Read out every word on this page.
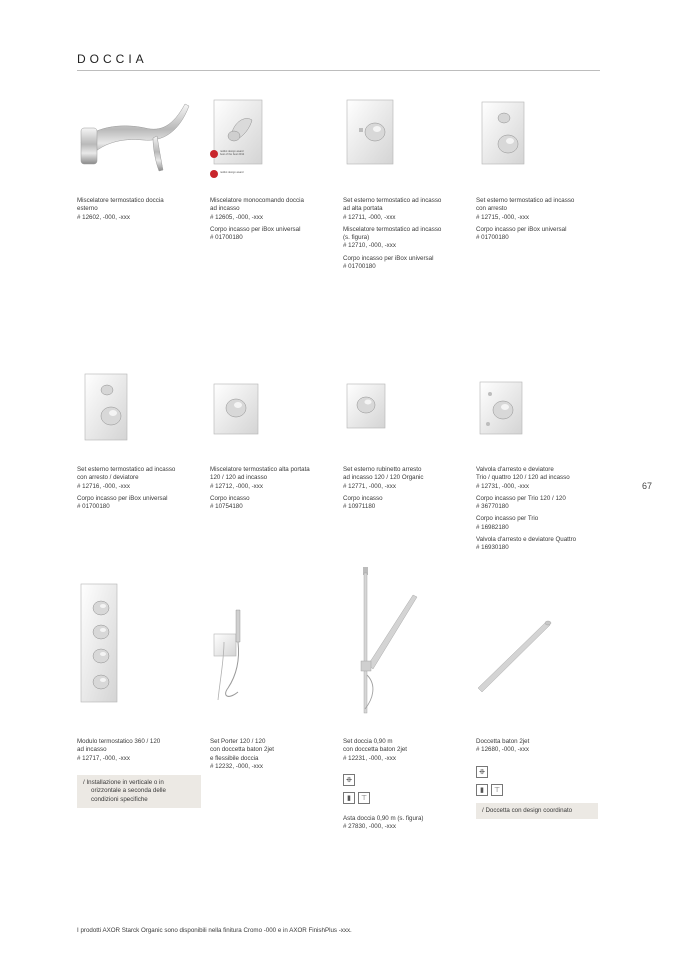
DOCCIA
67
Miscelatore termostatico doccia
esterno
# 12602, -000, -xxx
reddot design award best of the best 2012
reddot design award
Miscelatore monocomando doccia
ad incasso
# 12605, -000, -xxx
Corpo incasso per iBox universal
# 01700180
Set esterno termostatico ad incasso
ad alta portata
# 12711, -000, -xxx
Miscelatore termostatico ad incasso
(s. figura)
# 12710, -000, -xxx
Corpo incasso per iBox universal
# 01700180
Set esterno termostatico ad incasso
con arresto
# 12715, -000, -xxx
Corpo incasso per iBox universal
# 01700180
Set esterno termostatico ad incasso
con arresto / deviatore
# 12716, -000, -xxx
Corpo incasso per iBox universal
# 01700180
Miscelatore termostatico alta portata
120 / 120 ad incasso
# 12712, -000, -xxx
Corpo incasso
# 10754180
Set esterno rubinetto arresto
ad incasso 120 / 120 Organic
# 12771, -000, -xxx
Corpo incasso
# 10971180
Valvola d'arresto e deviatore
Trio / quattro 120 / 120 ad incasso
# 12731, -000, -xxx
Corpo incasso per Trio 120 / 120
# 36770180
Corpo incasso per Trio
# 16982180
Valvola d'arresto e deviatore Quattro
# 16930180
Modulo termostatico 360 / 120
ad incasso
# 12717, -000, -xxx
/ Installazione in verticale o in
orizzontale a seconda delle
condizioni specifiche
Set Porter 120 / 120
con doccetta baton 2jet
e flessibile doccia
# 12232, -000, -xxx
Set doccia 0,90 m
con doccetta baton 2jet
# 12231, -000, -xxx
❉
▮	⊤
Asta doccia 0,90 m (s. figura)
# 27830, -000, -xxx
Doccetta baton 2jet
# 12680, -000, -xxx
❉
▮	⊤
/ Doccetta con design coordinato
I prodotti AXOR Starck Organic sono disponibili nella finitura Cromo -000 e in AXOR FinishPlus -xxx.
